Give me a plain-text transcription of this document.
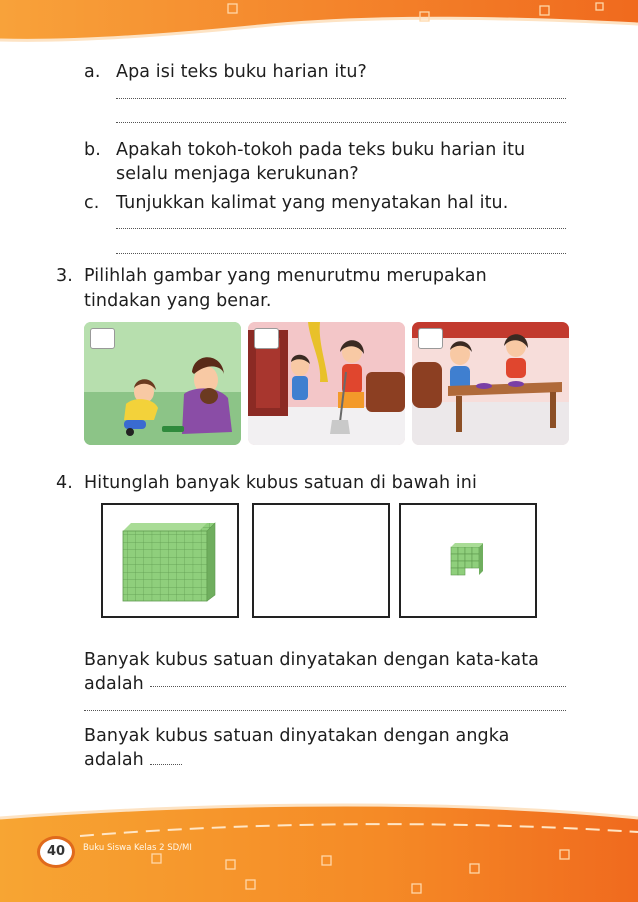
a. Apa isi teks buku harian itu?
b. Apakah tokoh-tokoh pada teks buku harian itu
selalu menjaga kerukunan?
c. Tunjukkan kalimat yang menyatakan hal itu.
3. Pilihlah gambar yang menurutmu merupakan
tindakan yang benar.
4. Hitunglah banyak kubus satuan di bawah ini
Banyak kubus satuan dinyatakan dengan kata-kata
adalah
Banyak kubus satuan dinyatakan dengan angka
adalah
40	Buku Siswa Kelas 2 SD/MI
